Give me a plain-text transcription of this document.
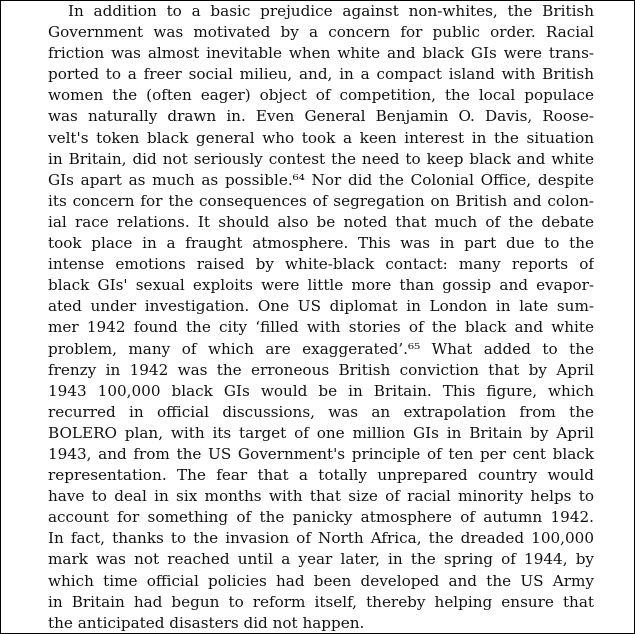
In addition to a basic prejudice against non-whites, the British
Government was motivated by a concern for public order. Racial
friction was almost inevitable when white and black GIs were trans-
ported to a freer social milieu, and, in a compact island with British
women the (often eager) object of competition, the local populace
was naturally drawn in. Even General Benjamin O. Davis, Roose-
velt's token black general who took a keen interest in the situation
in Britain, did not seriously contest the need to keep black and white
GIs apart as much as possible.⁶⁴ Nor did the Colonial Office, despite
its concern for the consequences of segregation on British and colon-
ial race relations. It should also be noted that much of the debate
took place in a fraught atmosphere. This was in part due to the
intense emotions raised by white-black contact: many reports of
black GIs' sexual exploits were little more than gossip and evapor-
ated under investigation. One US diplomat in London in late sum-
mer 1942 found the city ‘filled with stories of the black and white
problem, many of which are exaggerated’.⁶⁵ What added to the
frenzy in 1942 was the erroneous British conviction that by April
1943 100,000 black GIs would be in Britain. This figure, which
recurred in official discussions, was an extrapolation from the
BOLERO plan, with its target of one million GIs in Britain by April
1943, and from the US Government's principle of ten per cent black
representation. The fear that a totally unprepared country would
have to deal in six months with that size of racial minority helps to
account for something of the panicky atmosphere of autumn 1942.
In fact, thanks to the invasion of North Africa, the dreaded 100,000
mark was not reached until a year later, in the spring of 1944, by
which time official policies had been developed and the US Army
in Britain had begun to reform itself, thereby helping ensure that
the anticipated disasters did not happen.
